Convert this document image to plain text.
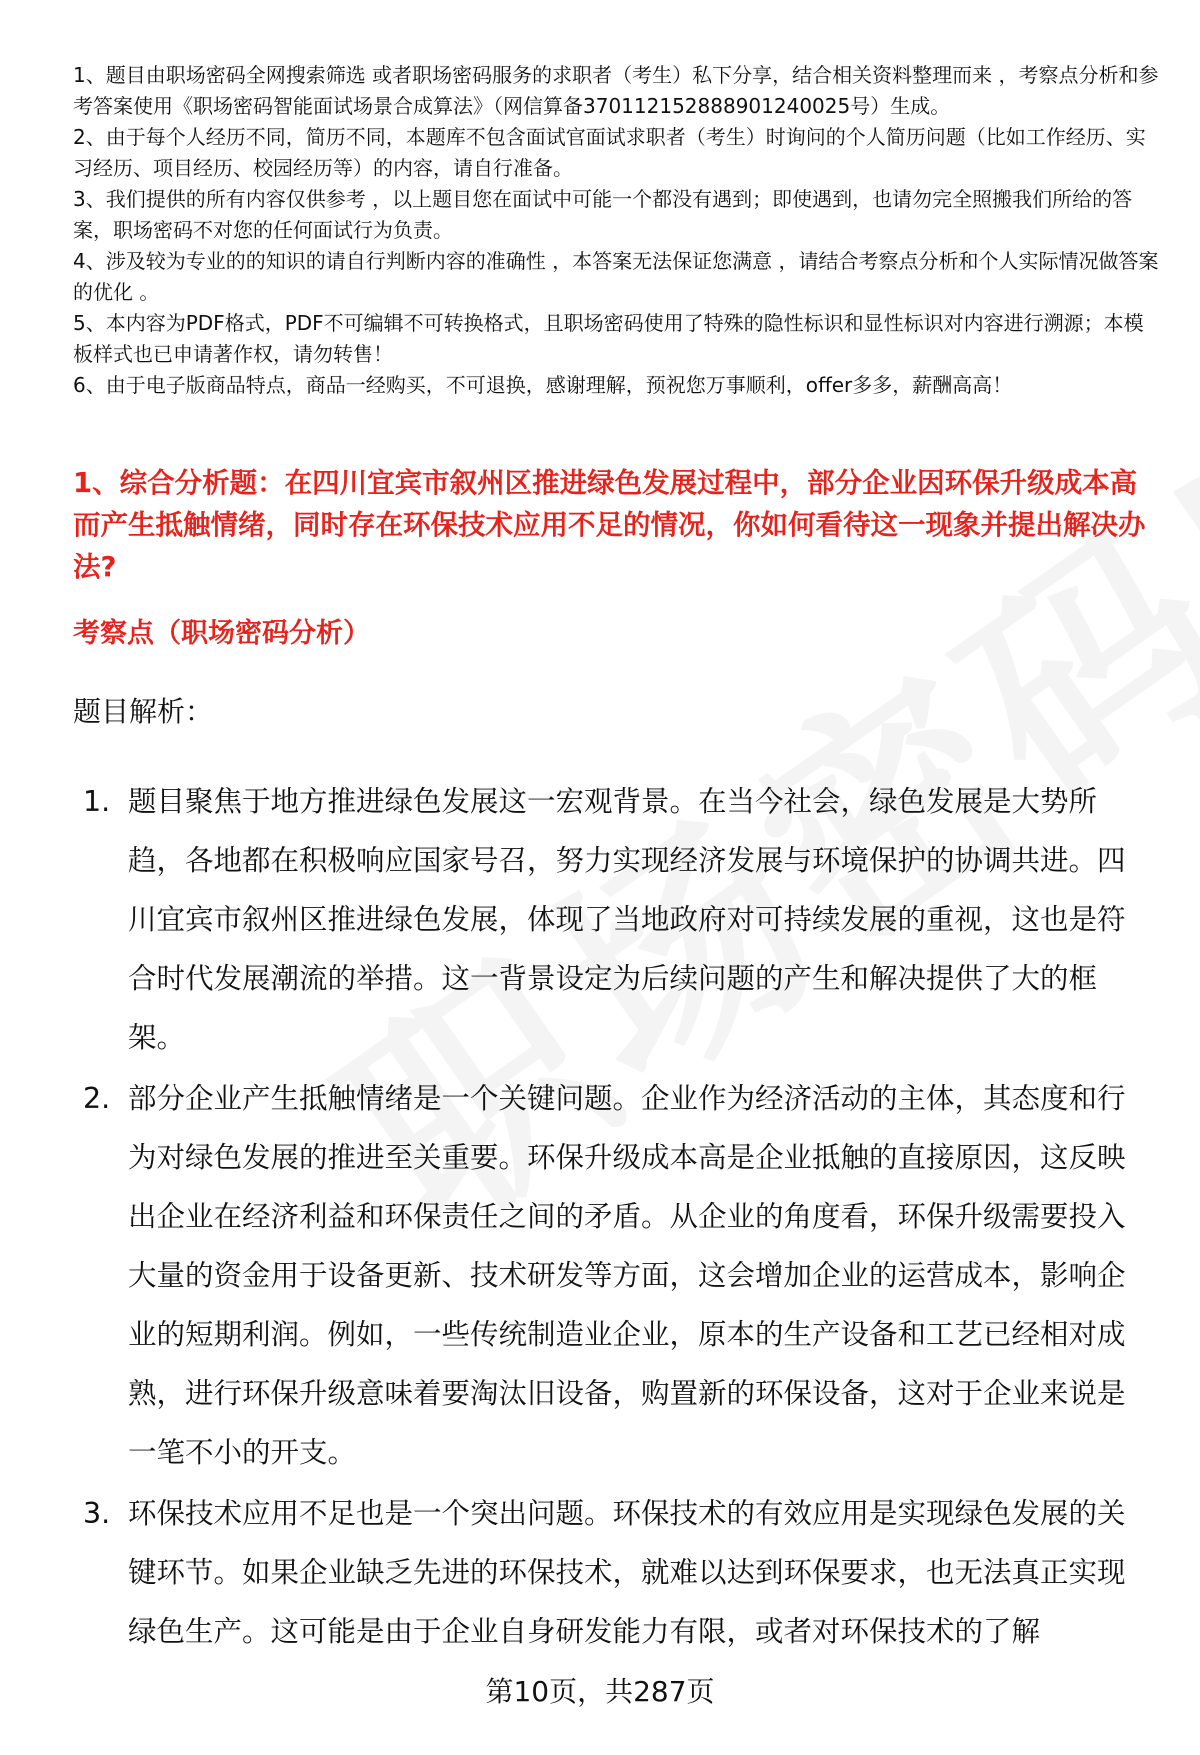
1、题目由职场密码全网搜索筛选 或者职场密码服务的求职者（考生）私下分享，结合相关资料整理而来 ，考察点分析和参考答案使用《职场密码智能面试场景合成算法》（网信算备370112152888901240025号）生成。

2、由于每个人经历不同，简历不同，本题库不包含面试官面试求职者（考生）时询问的个人简历问题（比如工作经历、实习经历、项目经历、校园经历等）的内容，请自行准备。

3、我们提供的所有内容仅供参考 ，以上题目您在面试中可能一个都没有遇到；即使遇到，也请勿完全照搬我们所给的答案，职场密码不对您的任何面试行为负责。

4、涉及较为专业的的知识的请自行判断内容的准确性 ，本答案无法保证您满意 ，请结合考察点分析和个人实际情况做答案的优化 。

5、本内容为PDF格式，PDF不可编辑不可转换格式，且职场密码使用了特殊的隐性标识和显性标识对内容进行溯源；本模板样式也已申请著作权，请勿转售！

6、由于电子版商品特点，商品一经购买，不可退换，感谢理解，预祝您万事顺利，offer多多，薪酬高高！

1、综合分析题：在四川宜宾市叙州区推进绿色发展过程中，部分企业因环保升级成本高而产生抵触情绪，同时存在环保技术应用不足的情况，你如何看待这一现象并提出解决办法?
考察点（职场密码分析）
题目解析：
1. 题目聚焦于地方推进绿色发展这一宏观背景。在当今社会，绿色发展是大势所趋，各地都在积极响应国家号召，努力实现经济发展与环境保护的协调共进。四川宜宾市叙州区推进绿色发展，体现了当地政府对可持续发展的重视，这也是符合时代发展潮流的举措。这一背景设定为后续问题的产生和解决提供了大的框架。
2. 部分企业产生抵触情绪是一个关键问题。企业作为经济活动的主体，其态度和行为对绿色发展的推进至关重要。环保升级成本高是企业抵触的直接原因，这反映出企业在经济利益和环保责任之间的矛盾。从企业的角度看，环保升级需要投入大量的资金用于设备更新、技术研发等方面，这会增加企业的运营成本，影响企业的短期利润。例如，一些传统制造业企业，原本的生产设备和工艺已经相对成熟，进行环保升级意味着要淘汰旧设备，购置新的环保设备，这对于企业来说是一笔不小的开支。
3. 环保技术应用不足也是一个突出问题。环保技术的有效应用是实现绿色发展的关键环节。如果企业缺乏先进的环保技术，就难以达到环保要求，也无法真正实现绿色生产。这可能是由于企业自身研发能力有限，或者对环保技术的了解
第10页，共287页
